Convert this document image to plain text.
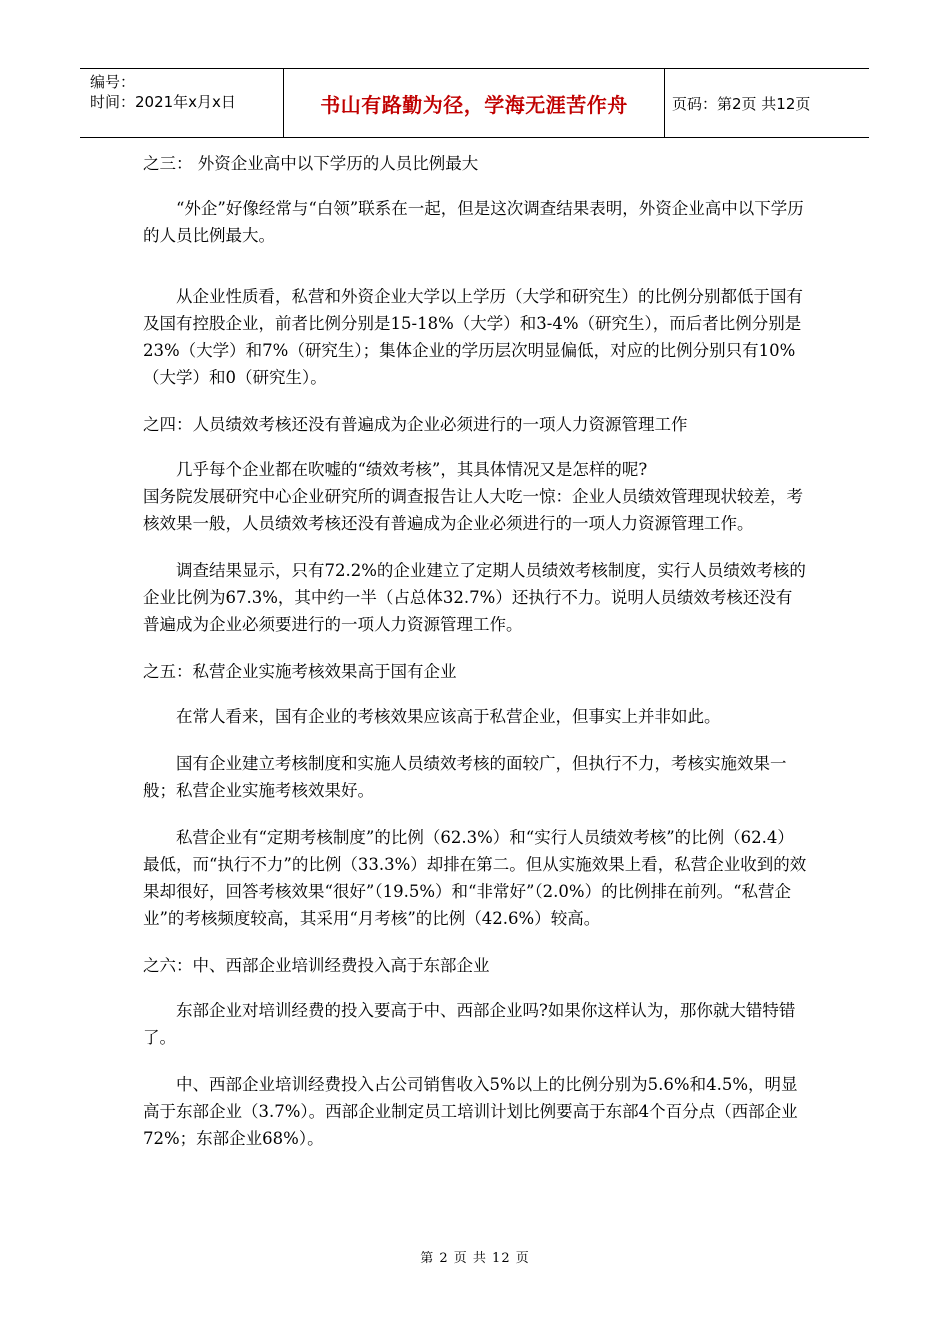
编号：
时间：2021年x月x日	书山有路勤为径，学海无涯苦作舟	页码：第2页 共12页

之三： 外资企业高中以下学历的人员比例最大

“外企”好像经常与“白领”联系在一起，但是这次调查结果表明，外资企业高中以下学历的人员比例最大。

从企业性质看，私营和外资企业大学以上学历（大学和研究生）的比例分别都低于国有及国有控股企业，前者比例分别是15-18%（大学）和3-4%（研究生），而后者比例分别是23%（大学）和7%（研究生）；集体企业的学历层次明显偏低，对应的比例分别只有10%（大学）和0（研究生）。

之四：人员绩效考核还没有普遍成为企业必须进行的一项人力资源管理工作

几乎每个企业都在吹嘘的“绩效考核”，其具体情况又是怎样的呢?

国务院发展研究中心企业研究所的调查报告让人大吃一惊：企业人员绩效管理现状较差，考核效果一般，人员绩效考核还没有普遍成为企业必须进行的一项人力资源管理工作。

调查结果显示，只有72.2%的企业建立了定期人员绩效考核制度，实行人员绩效考核的企业比例为67.3%，其中约一半（占总体32.7%）还执行不力。说明人员绩效考核还没有普遍成为企业必须要进行的一项人力资源管理工作。

之五：私营企业实施考核效果高于国有企业

在常人看来，国有企业的考核效果应该高于私营企业，但事实上并非如此。

国有企业建立考核制度和实施人员绩效考核的面较广，但执行不力，考核实施效果一般；私营企业实施考核效果好。

私营企业有“定期考核制度”的比例（62.3%）和“实行人员绩效考核”的比例（62.4）最低，而“执行不力”的比例（33.3%）却排在第二。但从实施效果上看，私营企业收到的效果却很好，回答考核效果“很好”（19.5%）和“非常好”（2.0%）的比例排在前列。“私营企业”的考核频度较高，其采用“月考核”的比例（42.6%）较高。

之六：中、西部企业培训经费投入高于东部企业

东部企业对培训经费的投入要高于中、西部企业吗?如果你这样认为，那你就大错特错了。

中、西部企业培训经费投入占公司销售收入5%以上的比例分别为5.6%和4.5%，明显高于东部企业（3.7%）。西部企业制定员工培训计划比例要高于东部4个百分点（西部企业72%；东部企业68%）。

第 2 页 共 12 页
